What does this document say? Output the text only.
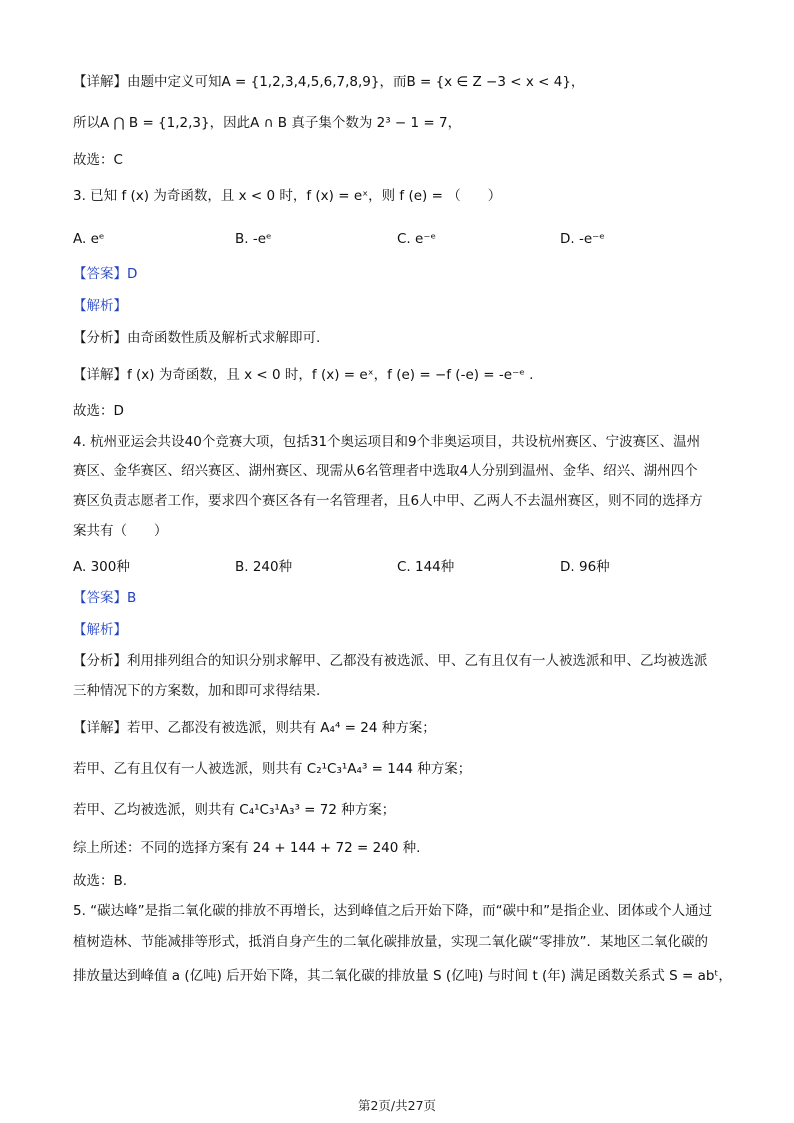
【详解】由题中定义可知A = {1,2,3,4,5,6,7,8,9}，而B = {x ∈ Z −3 < x < 4}，
所以A ⋂ B = {1,2,3}，因此A ∩ B 真子集个数为 2³ − 1 = 7，
故选：C
3. 已知 f (x) 为奇函数，且 x < 0 时，f (x) = eˣ，则 f (e) = （　　）
A. eᵉ	B. -eᵉ	C. e⁻ᵉ	D. -e⁻ᵉ
【答案】D
【解析】
【分析】由奇函数性质及解析式求解即可.
【详解】f (x) 为奇函数，且 x < 0 时，f (x) = eˣ，f (e) = −f (-e) = -e⁻ᵉ .
故选：D
4. 杭州亚运会共设40个竞赛大项，包括31个奥运项目和9个非奥运项目，共设杭州赛区、宁波赛区、温州
赛区、金华赛区、绍兴赛区、湖州赛区、现需从6名管理者中选取4人分别到温州、金华、绍兴、湖州四个
赛区负责志愿者工作，要求四个赛区各有一名管理者，且6人中甲、乙两人不去温州赛区，则不同的选择方
案共有（　　）
A. 300种	B. 240种	C. 144种	D. 96种
【答案】B
【解析】
【分析】利用排列组合的知识分别求解甲、乙都没有被选派、甲、乙有且仅有一人被选派和甲、乙均被选派
三种情况下的方案数，加和即可求得结果.
【详解】若甲、乙都没有被选派，则共有 A₄⁴ = 24 种方案；
若甲、乙有且仅有一人被选派，则共有 C₂¹C₃¹A₄³ = 144 种方案；
若甲、乙均被选派，则共有 C₄¹C₃¹A₃³ = 72 种方案；
综上所述：不同的选择方案有 24 + 144 + 72 = 240 种.
故选：B.
5. “碳达峰”是指二氧化碳的排放不再增长，达到峰值之后开始下降，而“碳中和”是指企业、团体或个人通过
植树造林、节能减排等形式，抵消自身产生的二氧化碳排放量，实现二氧化碳“零排放”．某地区二氧化碳的
排放量达到峰值 a (亿吨) 后开始下降，其二氧化碳的排放量 S (亿吨) 与时间 t (年) 满足函数关系式 S = abᵗ，
第2页/共27页
